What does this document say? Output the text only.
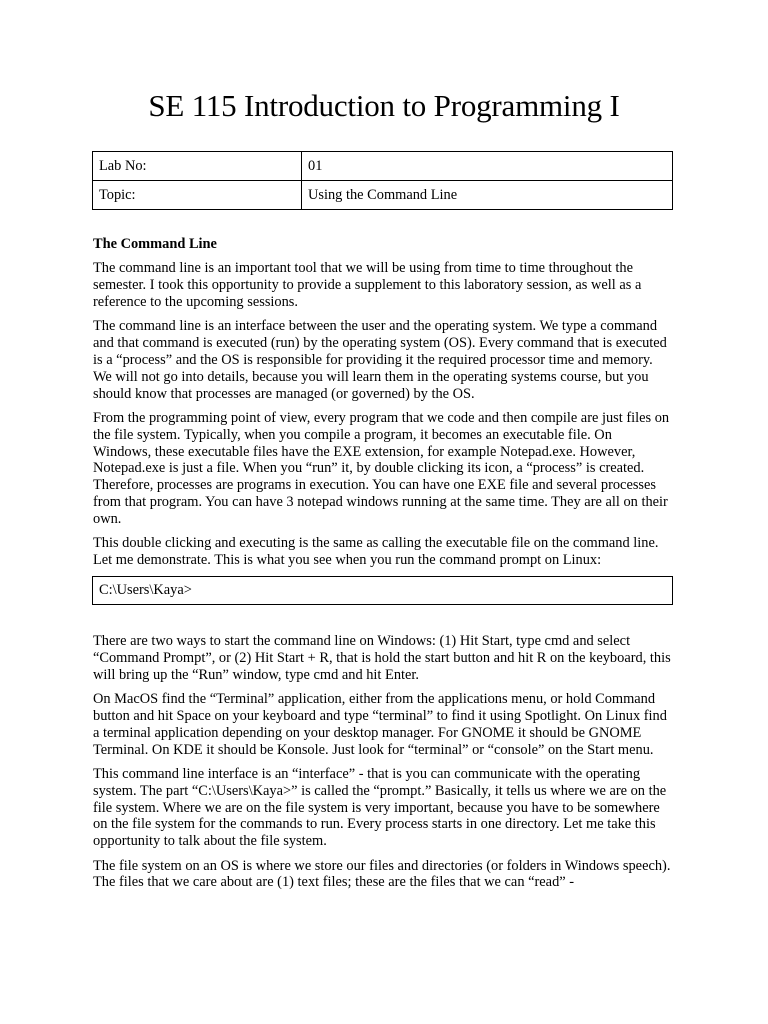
SE 115 Introduction to Programming I
Lab No:	01
Topic:	Using the Command Line
The Command Line

The command line is an important tool that we will be using from time to time throughout the semester. I took this opportunity to provide a supplement to this laboratory session, as well as a reference to the upcoming sessions.

The command line is an interface between the user and the operating system. We type a command and that command is executed (run) by the operating system (OS). Every command that is executed is a “process” and the OS is responsible for providing it the required processor time and memory. We will not go into details, because you will learn them in the operating systems course, but you should know that processes are managed (or governed) by the OS.

From the programming point of view, every program that we code and then compile are just files on the file system. Typically, when you compile a program, it becomes an executable file. On Windows, these executable files have the EXE extension, for example Notepad.exe. However, Notepad.exe is just a file. When you “run” it, by double clicking its icon, a “process” is created. Therefore, processes are programs in execution. You can have one EXE file and several processes from that program. You can have 3 notepad windows running at the same time. They are all on their own.

This double clicking and executing is the same as calling the executable file on the command line. Let me demonstrate. This is what you see when you run the command prompt on Linux:

C:\Users\Kaya>

There are two ways to start the command line on Windows: (1) Hit Start, type cmd and select “Command Prompt”, or (2) Hit Start + R, that is hold the start button and hit R on the keyboard, this will bring up the “Run” window, type cmd and hit Enter.

On MacOS find the “Terminal” application, either from the applications menu, or hold Command button and hit Space on your keyboard and type “terminal” to find it using Spotlight. On Linux find a terminal application depending on your desktop manager. For GNOME it should be GNOME Terminal. On KDE it should be Konsole. Just look for “terminal” or “console” on the Start menu.

This command line interface is an “interface” - that is you can communicate with the operating system. The part “C:\Users\Kaya>” is called the “prompt.” Basically, it tells us where we are on the file system. Where we are on the file system is very important, because you have to be somewhere on the file system for the commands to run. Every process starts in one directory. Let me take this opportunity to talk about the file system.

The file system on an OS is where we store our files and directories (or folders in Windows speech). The files that we care about are (1) text files; these are the files that we can “read” -
